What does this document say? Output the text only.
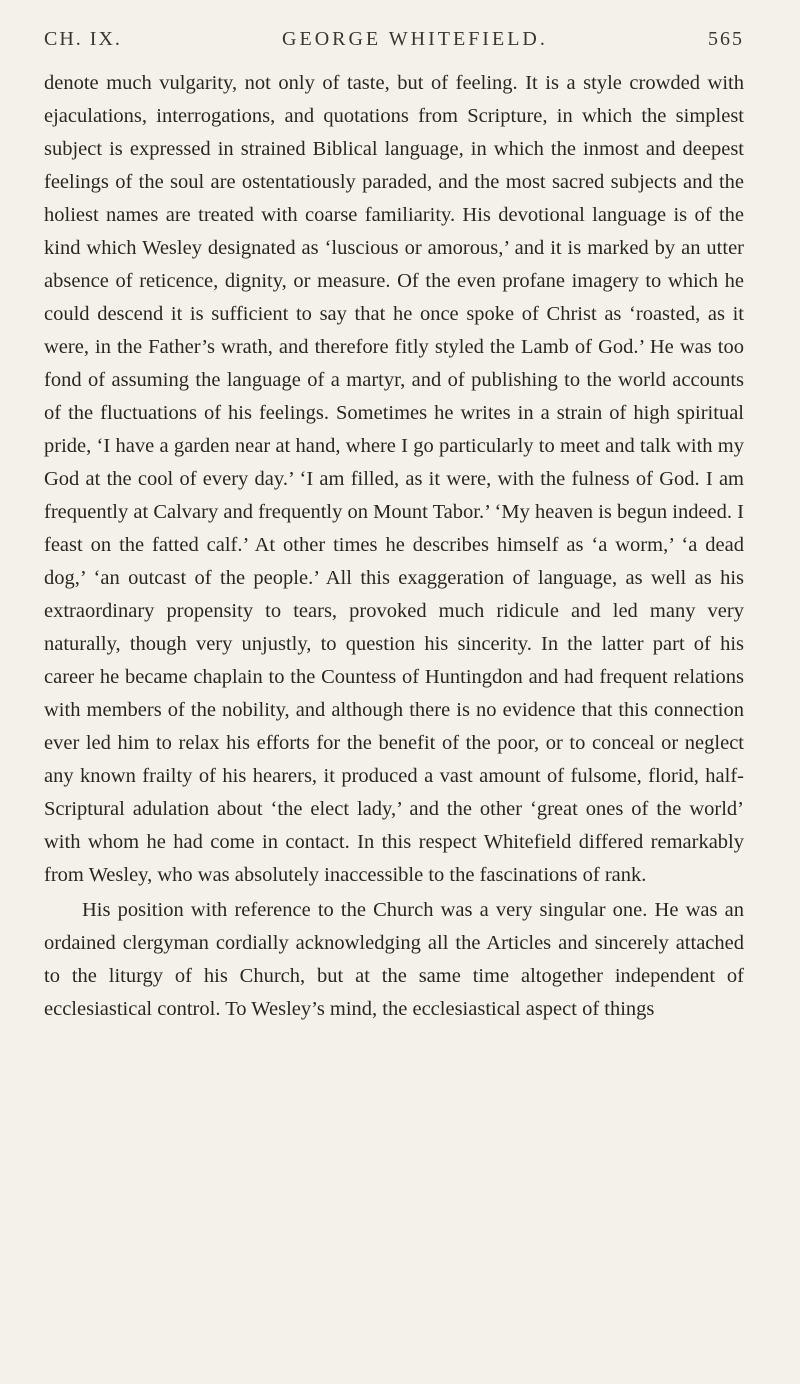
CH. IX.	GEORGE WHITEFIELD.	565

denote much vulgarity, not only of taste, but of feeling. It is a style crowded with ejaculations, interrogations, and quotations from Scripture, in which the simplest subject is expressed in strained Biblical language, in which the inmost and deepest feelings of the soul are ostentatiously paraded, and the most sacred subjects and the holiest names are treated with coarse familiarity. His devotional language is of the kind which Wesley designated as ‘luscious or amorous,’ and it is marked by an utter absence of reticence, dignity, or measure. Of the even profane imagery to which he could descend it is sufficient to say that he once spoke of Christ as ‘roasted, as it were, in the Father’s wrath, and therefore fitly styled the Lamb of God.’ He was too fond of assuming the language of a martyr, and of publishing to the world accounts of the fluctuations of his feelings. Sometimes he writes in a strain of high spiritual pride, ‘I have a garden near at hand, where I go particularly to meet and talk with my God at the cool of every day.’ ‘I am filled, as it were, with the fulness of God. I am frequently at Calvary and frequently on Mount Tabor.’ ‘My heaven is begun indeed. I feast on the fatted calf.’ At other times he describes himself as ‘a worm,’ ‘a dead dog,’ ‘an outcast of the people.’ All this exaggeration of language, as well as his extraordinary propensity to tears, provoked much ridicule and led many very naturally, though very unjustly, to question his sincerity. In the latter part of his career he became chaplain to the Countess of Huntingdon and had frequent relations with members of the nobility, and although there is no evidence that this connection ever led him to relax his efforts for the benefit of the poor, or to conceal or neglect any known frailty of his hearers, it produced a vast amount of fulsome, florid, half-Scriptural adulation about ‘the elect lady,’ and the other ‘great ones of the world’ with whom he had come in contact. In this respect Whitefield differed remarkably from Wesley, who was absolutely inaccessible to the fascinations of rank.

His position with reference to the Church was a very singular one. He was an ordained clergyman cordially acknowledging all the Articles and sincerely attached to the liturgy of his Church, but at the same time altogether independent of ecclesiastical control. To Wesley’s mind, the ecclesiastical aspect of things
